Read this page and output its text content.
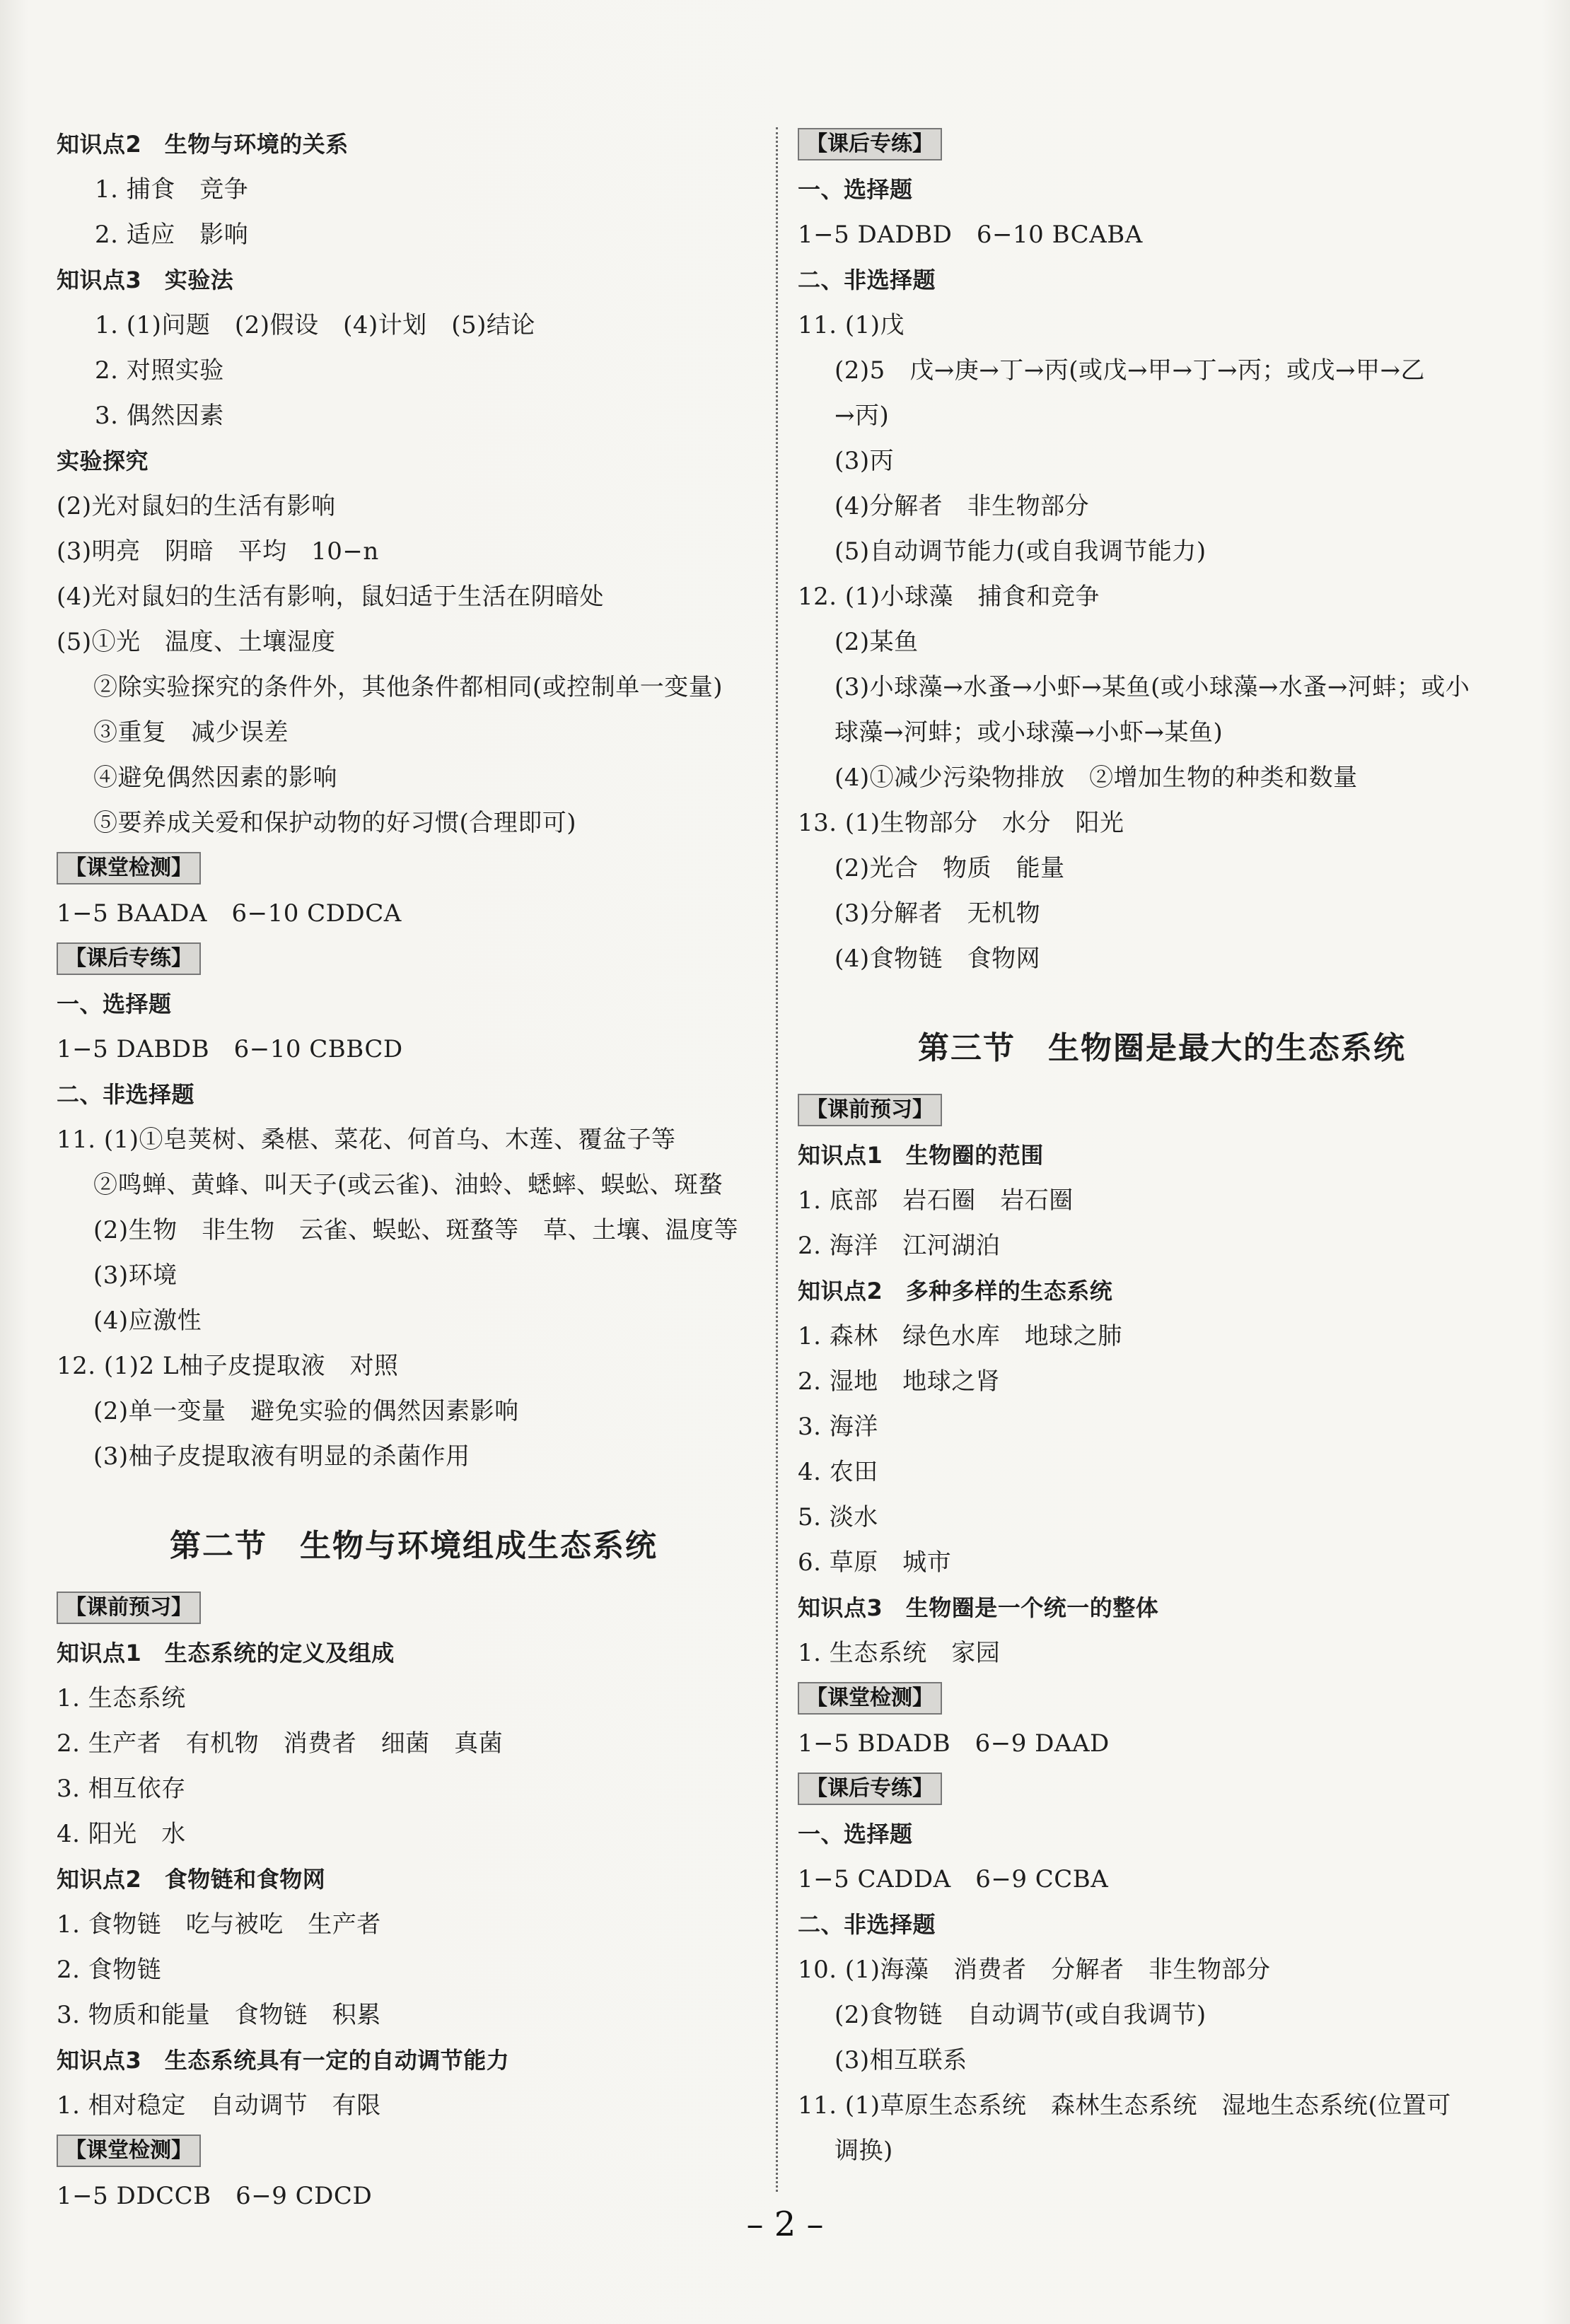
知识点2　生物与环境的关系
1. 捕食　竞争
2. 适应　影响
知识点3　实验法
1. (1)问题　(2)假设　(4)计划　(5)结论
2. 对照实验
3. 偶然因素
实验探究
(2)光对鼠妇的生活有影响
(3)明亮　阴暗　平均　10−n
(4)光对鼠妇的生活有影响，鼠妇适于生活在阴暗处
(5)①光　温度、土壤湿度
②除实验探究的条件外，其他条件都相同(或控制单一变量)
③重复　减少误差
④避免偶然因素的影响
⑤要养成关爱和保护动物的好习惯(合理即可)
【课堂检测】
1−5 BAADA　6−10 CDDCA
【课后专练】
一、选择题
1−5 DABDB　6−10 CBBCD
二、非选择题
11. (1)①皂荚树、桑椹、菜花、何首乌、木莲、覆盆子等
②鸣蝉、黄蜂、叫天子(或云雀)、油蛉、蟋蟀、蜈蚣、斑蝥
(2)生物　非生物　云雀、蜈蚣、斑蝥等　草、土壤、温度等
(3)环境
(4)应激性
12. (1)2 L柚子皮提取液　对照
(2)单一变量　避免实验的偶然因素影响
(3)柚子皮提取液有明显的杀菌作用
第二节　生物与环境组成生态系统
【课前预习】
知识点1　生态系统的定义及组成
1. 生态系统
2. 生产者　有机物　消费者　细菌　真菌
3. 相互依存
4. 阳光　水
知识点2　食物链和食物网
1. 食物链　吃与被吃　生产者
2. 食物链
3. 物质和能量　食物链　积累
知识点3　生态系统具有一定的自动调节能力
1. 相对稳定　自动调节　有限
【课堂检测】
1−5 DDCCB　6−9 CDCD
【课后专练】
一、选择题
1−5 DADBD　6−10 BCABA
二、非选择题
11. (1)戊
(2)5　戊→庚→丁→丙(或戊→甲→丁→丙；或戊→甲→乙
→丙)
(3)丙
(4)分解者　非生物部分
(5)自动调节能力(或自我调节能力)
12. (1)小球藻　捕食和竞争
(2)某鱼
(3)小球藻→水蚤→小虾→某鱼(或小球藻→水蚤→河蚌；或小
球藻→河蚌；或小球藻→小虾→某鱼)
(4)①减少污染物排放　②增加生物的种类和数量
13. (1)生物部分　水分　阳光
(2)光合　物质　能量
(3)分解者　无机物
(4)食物链　食物网
第三节　生物圈是最大的生态系统
【课前预习】
知识点1　生物圈的范围
1. 底部　岩石圈　岩石圈
2. 海洋　江河湖泊
知识点2　多种多样的生态系统
1. 森林　绿色水库　地球之肺
2. 湿地　地球之肾
3. 海洋
4. 农田
5. 淡水
6. 草原　城市
知识点3　生物圈是一个统一的整体
1. 生态系统　家园
【课堂检测】
1−5 BDADB　6−9 DAAD
【课后专练】
一、选择题
1−5 CADDA　6−9 CCBA
二、非选择题
10. (1)海藻　消费者　分解者　非生物部分
(2)食物链　自动调节(或自我调节)
(3)相互联系
11. (1)草原生态系统　森林生态系统　湿地生态系统(位置可
调换)
– 2 –
